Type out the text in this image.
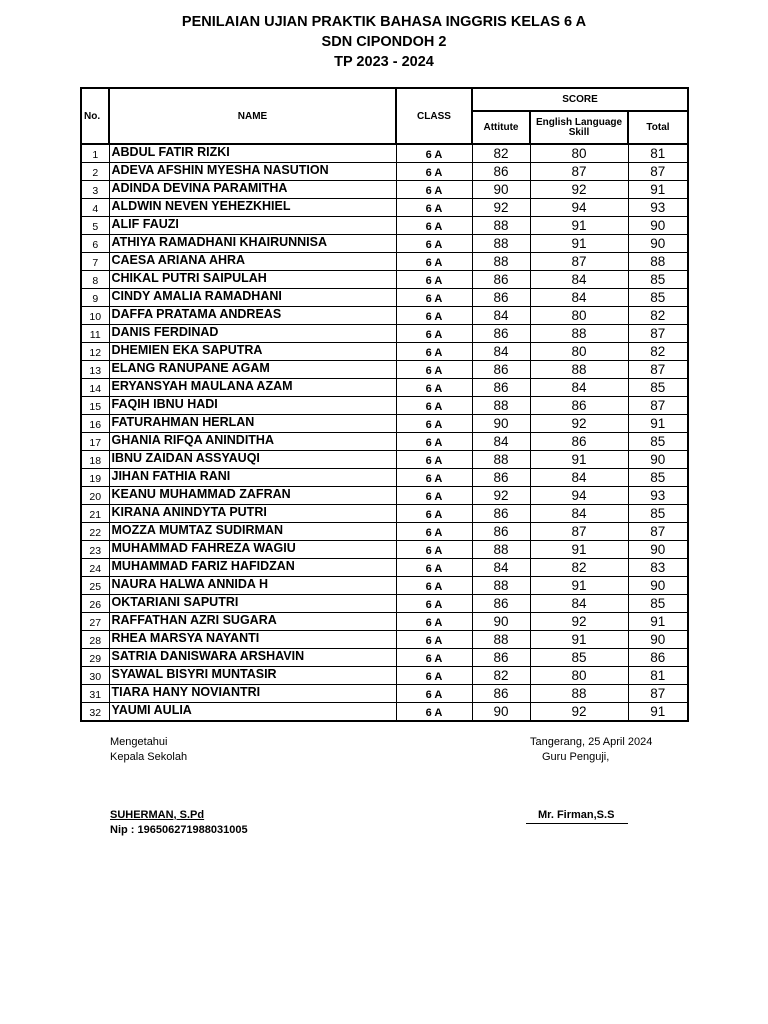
PENILAIAN UJIAN PRAKTIK BAHASA INGGRIS KELAS 6 A
SDN CIPONDOH 2
TP 2023 - 2024
No.	NAME	CLASS	SCORE		
			Attitute	English Language Skill	Total
1	ABDUL FATIR RIZKI	6 A	82	80	81
2	ADEVA AFSHIN MYESHA NASUTION	6 A	86	87	87
3	ADINDA DEVINA PARAMITHA	6 A	90	92	91
4	ALDWIN NEVEN YEHEZKHIEL	6 A	92	94	93
5	ALIF FAUZI	6 A	88	91	90
6	ATHIYA RAMADHANI KHAIRUNNISA	6 A	88	91	90
7	CAESA ARIANA AHRA	6 A	88	87	88
8	CHIKAL PUTRI SAIPULAH	6 A	86	84	85
9	CINDY AMALIA RAMADHANI	6 A	86	84	85
10	DAFFA PRATAMA ANDREAS	6 A	84	80	82
11	DANIS FERDINAD	6 A	86	88	87
12	DHEMIEN EKA SAPUTRA	6 A	84	80	82
13	ELANG RANUPANE AGAM	6 A	86	88	87
14	ERYANSYAH MAULANA AZAM	6 A	86	84	85
15	FAQIH IBNU HADI	6 A	88	86	87
16	FATURAHMAN HERLAN	6 A	90	92	91
17	GHANIA RIFQA ANINDITHA	6 A	84	86	85
18	IBNU ZAIDAN ASSYAUQI	6 A	88	91	90
19	JIHAN FATHIA RANI	6 A	86	84	85
20	KEANU MUHAMMAD ZAFRAN	6 A	92	94	93
21	KIRANA ANINDYTA PUTRI	6 A	86	84	85
22	MOZZA MUMTAZ SUDIRMAN	6 A	86	87	87
23	MUHAMMAD FAHREZA WAGIU	6 A	88	91	90
24	MUHAMMAD FARIZ HAFIDZAN	6 A	84	82	83
25	NAURA HALWA ANNIDA H	6 A	88	91	90
26	OKTARIANI SAPUTRI	6 A	86	84	85
27	RAFFATHAN AZRI SUGARA	6 A	90	92	91
28	RHEA MARSYA NAYANTI	6 A	88	91	90
29	SATRIA DANISWARA ARSHAVIN	6 A	86	85	86
30	SYAWAL BISYRI MUNTASIR	6 A	82	80	81
31	TIARA HANY NOVIANTRI	6 A	86	88	87
32	YAUMI AULIA	6 A	90	92	91
Mengetahui
Kepala Sekolah
SUHERMAN, S.Pd
Nip : 196506271988031005
Tangerang, 25 April 2024
Guru Penguji,
Mr. Firman,S.S
